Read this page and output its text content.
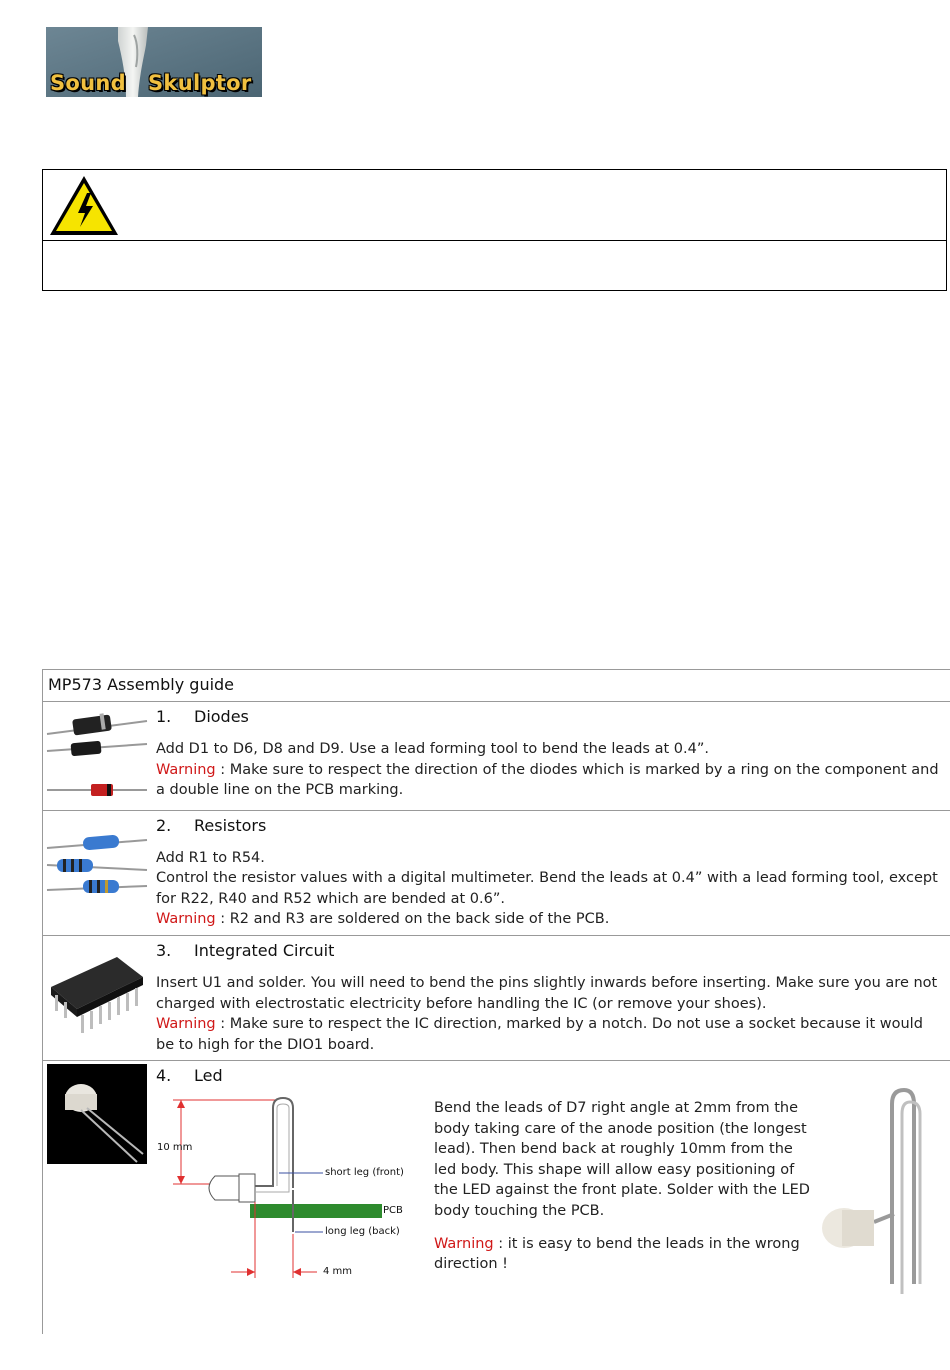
Sound Skulptor
MP573 Assembly guide
1. Diodes
Add D1 to D6, D8 and D9. Use a lead forming tool to bend the leads at 0.4”.
Warning : Make sure to respect the direction of the diodes which is marked by a ring on the component and a double line on the PCB marking.
2. Resistors
Add R1 to R54.
Control the resistor values with a digital multimeter. Bend the leads at 0.4” with a lead forming tool, except for R22, R40 and R52 which are bended at 0.6”.
Warning : R2 and R3 are soldered on the back side of the PCB.
3. Integrated Circuit
Insert U1 and solder. You will need to bend the pins slightly inwards before inserting. Make sure you are not charged with electrostatic electricity before handling the IC (or remove your shoes).
Warning : Make sure to respect the IC direction, marked by a notch. Do not use a socket because it would be to high for the DIO1 board.
4. Led
10 mm
short leg (front)
PCB
long leg (back)
4 mm
Bend the leads of D7 right angle at 2mm from the body taking care of the anode position (the longest lead). Then bend back at roughly 10mm from the led body. This shape will allow easy positioning of the LED against the front plate. Solder with the LED body touching the PCB.
Warning : it is easy to bend the leads in the wrong direction !
